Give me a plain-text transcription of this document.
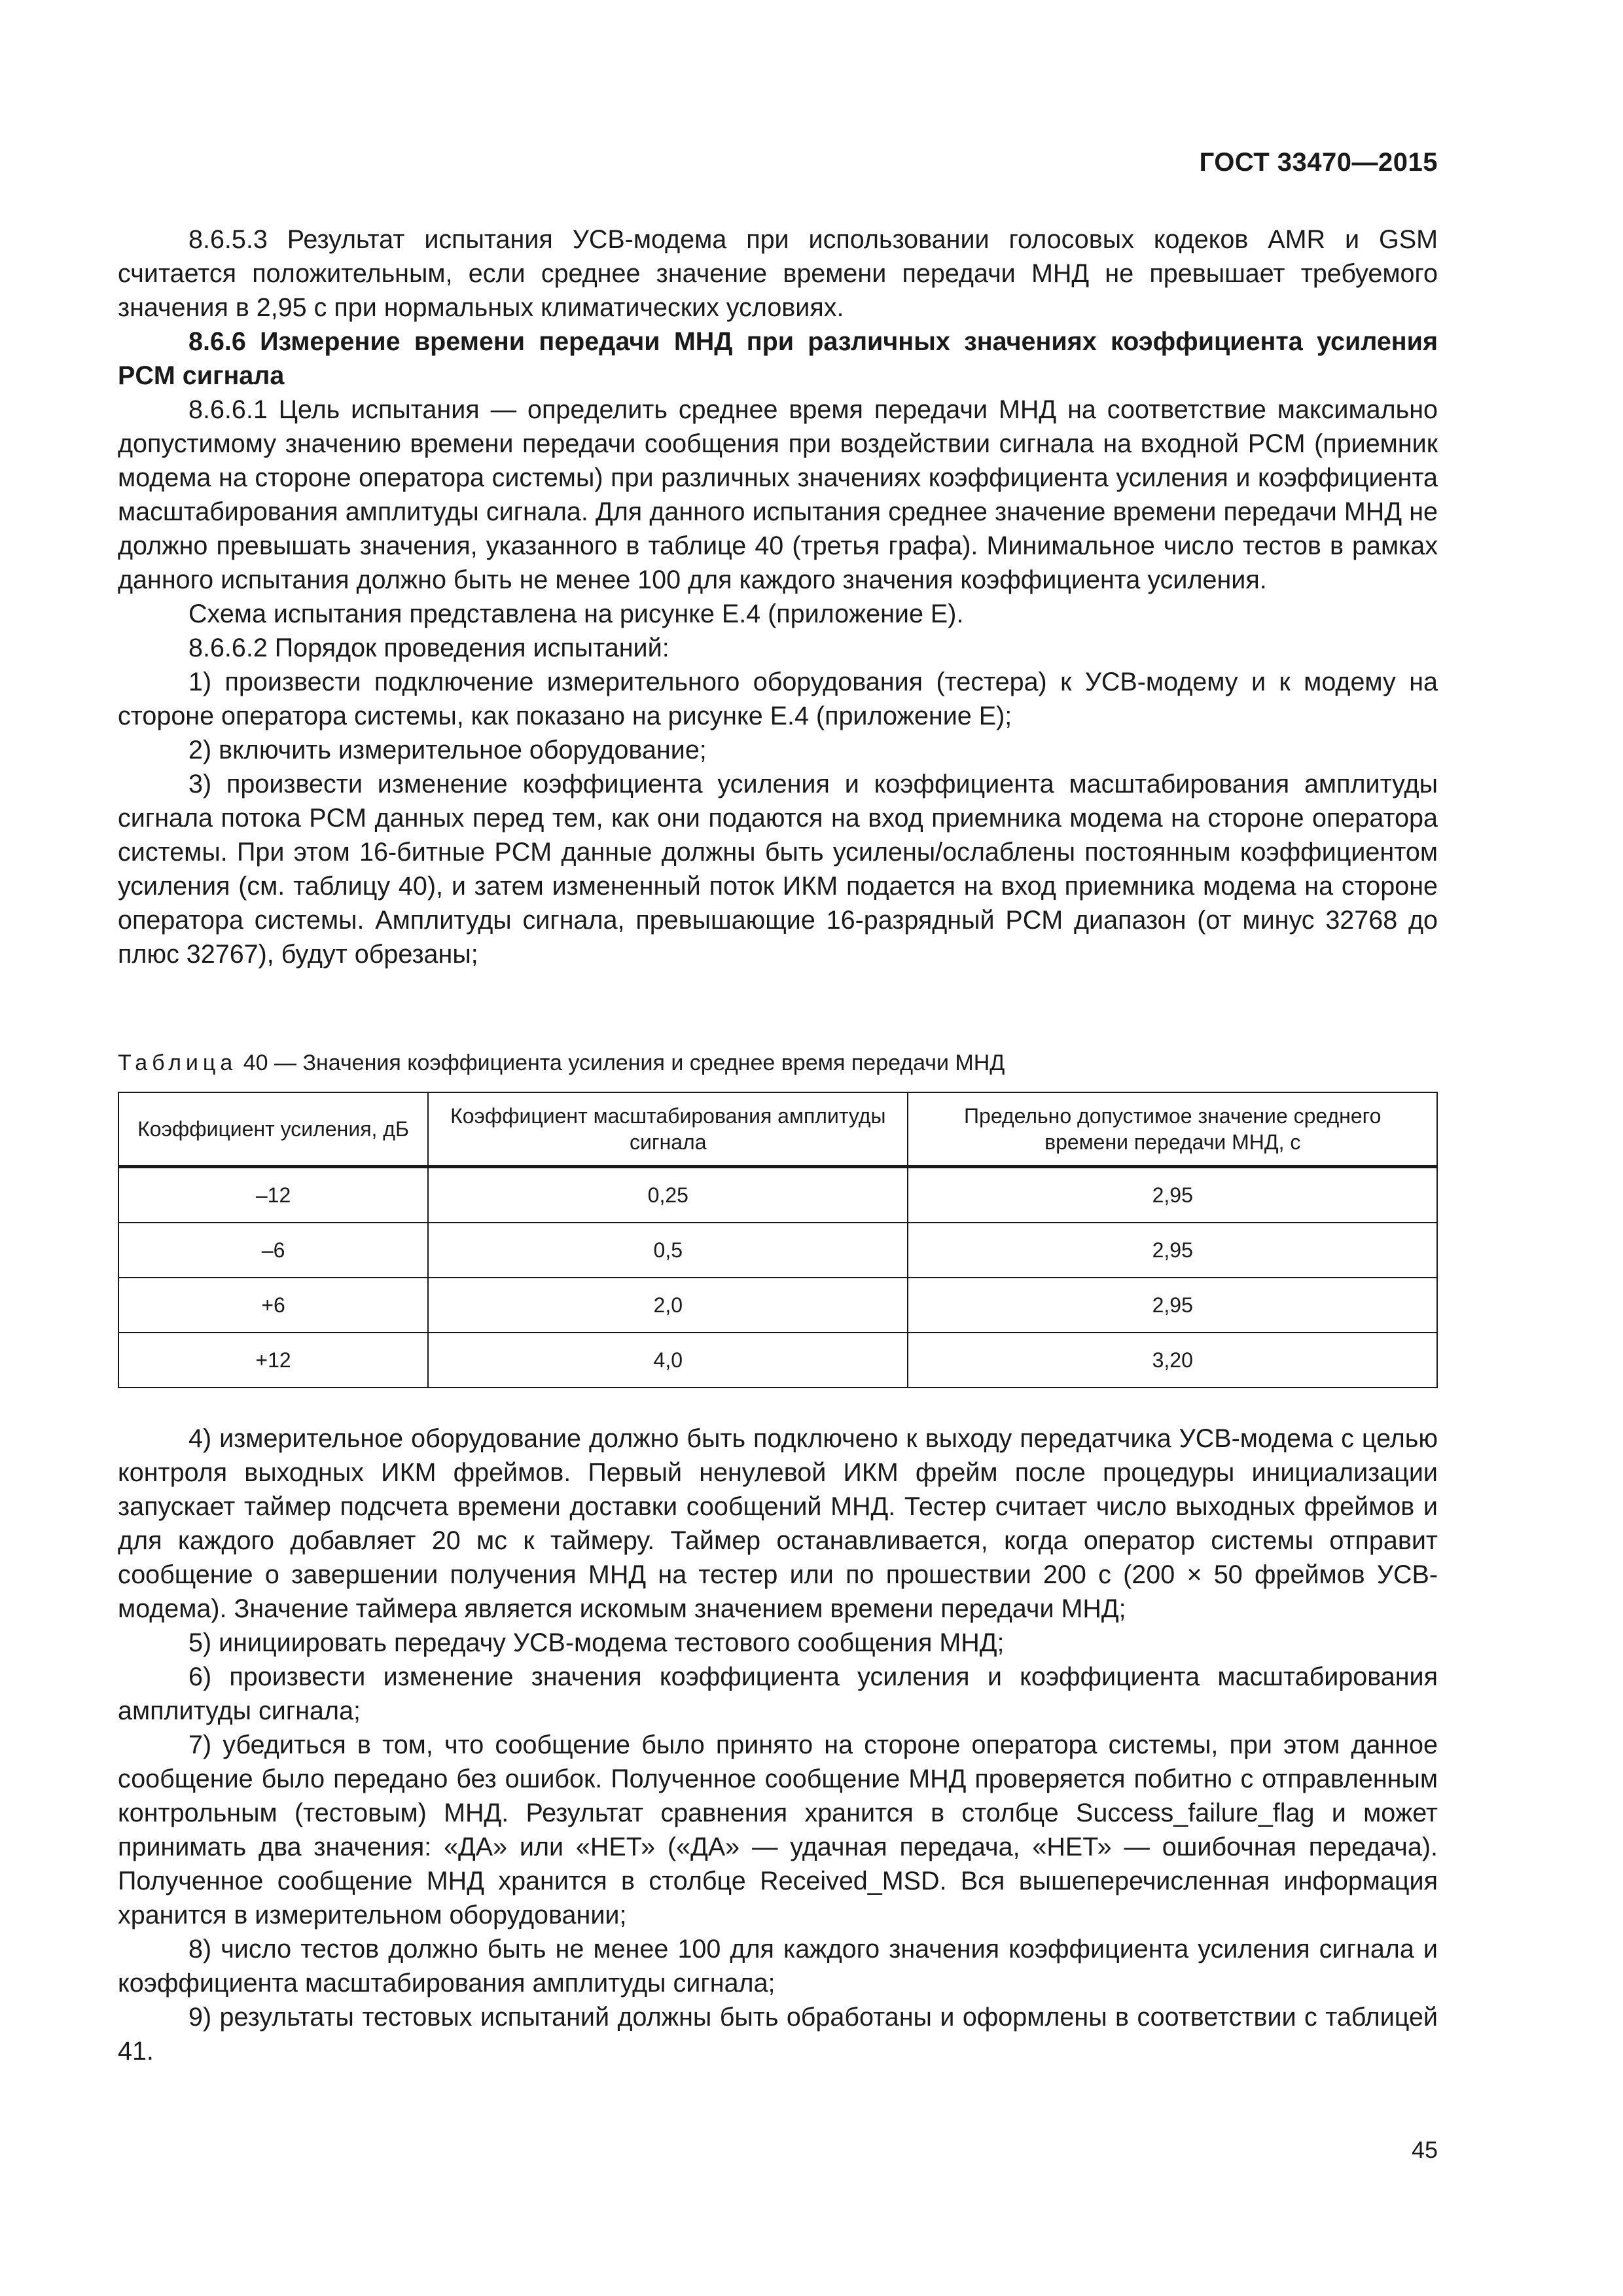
ГОСТ 33470—2015

8.6.5.3 Результат испытания УСВ-модема при использовании голосовых кодеков AMR и GSM считается положительным, если среднее значение времени передачи МНД не превышает требуемого значения в 2,95 с при нормальных климатических условиях.

8.6.6 Измерение времени передачи МНД при различных значениях коэффициента усиления PCM сигнала

8.6.6.1 Цель испытания — определить среднее время передачи МНД на соответствие максимально допустимому значению времени передачи сообщения при воздействии сигнала на входной PCM (приемник модема на стороне оператора системы) при различных значениях коэффициента усиления и коэффициента масштабирования амплитуды сигнала. Для данного испытания среднее значение времени передачи МНД не должно превышать значения, указанного в таблице 40 (третья графа). Минимальное число тестов в рамках данного испытания должно быть не менее 100 для каждого значения коэффициента усиления.

Схема испытания представлена на рисунке Е.4 (приложение Е).

8.6.6.2 Порядок проведения испытаний:

1) произвести подключение измерительного оборудования (тестера) к УСВ-модему и к модему на стороне оператора системы, как показано на рисунке Е.4 (приложение Е);

2) включить измерительное оборудование;

3) произвести изменение коэффициента усиления и коэффициента масштабирования амплитуды сигнала потока PCM данных перед тем, как они подаются на вход приемника модема на стороне оператора системы. При этом 16-битные PCM данные должны быть усилены/ослаблены постоянным коэффициентом усиления (см. таблицу 40), и затем измененный поток ИКМ подается на вход приемника модема на стороне оператора системы. Амплитуды сигнала, превышающие 16-разрядный PCM диапазон (от минус 32768 до плюс 32767), будут обрезаны;

Таблица 40 — Значения коэффициента усиления и среднее время передачи МНД
Коэффициент усиления, дБ	Коэффициент масштабирования амплитуды сигнала	Предельно допустимое значение среднего времени передачи МНД, с
–12	0,25	2,95
–6	0,5	2,95
+6	2,0	2,95
+12	4,0	3,20

4) измерительное оборудование должно быть подключено к выходу передатчика УСВ-модема с целью контроля выходных ИКМ фреймов. Первый ненулевой ИКМ фрейм после процедуры инициализации запускает таймер подсчета времени доставки сообщений МНД. Тестер считает число выходных фреймов и для каждого добавляет 20 мс к таймеру. Таймер останавливается, когда оператор системы отправит сообщение о завершении получения МНД на тестер или по прошествии 200 с (200 × 50 фреймов УСВ-модема). Значение таймера является искомым значением времени передачи МНД;

5) инициировать передачу УСВ-модема тестового сообщения МНД;

6) произвести изменение значения коэффициента усиления и коэффициента масштабирования амплитуды сигнала;

7) убедиться в том, что сообщение было принято на стороне оператора системы, при этом данное сообщение было передано без ошибок. Полученное сообщение МНД проверяется побитно с отправленным контрольным (тестовым) МНД. Результат сравнения хранится в столбце Success_failure_flag и может принимать два значения: «ДА» или «НЕТ» («ДА» — удачная передача, «НЕТ» — ошибочная передача). Полученное сообщение МНД хранится в столбце Received_MSD. Вся вышеперечисленная информация хранится в измерительном оборудовании;

8) число тестов должно быть не менее 100 для каждого значения коэффициента усиления сигнала и коэффициента масштабирования амплитуды сигнала;

9) результаты тестовых испытаний должны быть обработаны и оформлены в соответствии с таблицей 41.

45
